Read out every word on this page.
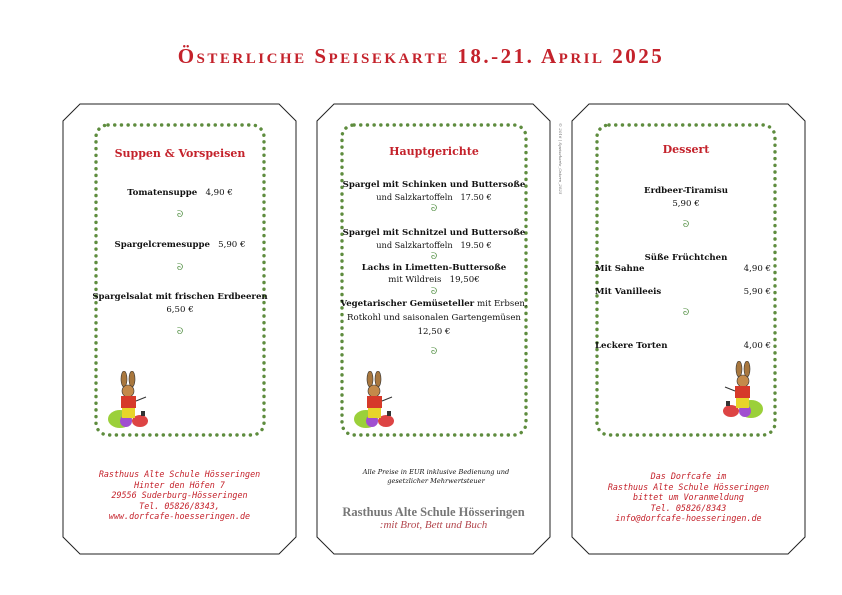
Österliche Speisekarte 18.-21. April 2025
Suppen & Vorspeisen
Tomatensuppe 4,90 €
ᘐ
Spargelcremesuppe 5,90 €
ᘐ
Spargelsalat mit frischen Erdbeeren
6,50 €
ᘐ
Rasthuus Alte Schule Hösseringen
Hinter den Höfen 7
29556 Suderburg-Hösseringen
Tel. 05826/8343,
www.dorfcafe-hoesseringen.de
© 2016 | Speisekarte_Ostern_2025
Hauptgerichte
Spargel mit Schinken und Buttersoße
und Salzkartoffeln 17.50 €
ᘐ
Spargel mit Schnitzel und Buttersoße
und Salzkartoffeln 19.50 €
ᘐ
Lachs in Limetten-Buttersoße
mit Wildreis 19,50€
ᘐ
Vegetarischer Gemüseteller mit Erbsen,
Rotkohl und saisonalen Gartengemüsen
12,50 €
ᘐ
Alle Preise in EUR inklusive Bedienung und
gesetzlicher Mehrwertsteuer
Rasthuus Alte Schule Hösseringen
:mit Brot, Bett und Buch
Dessert
Erdbeer-Tiramisu
5,90 €
ᘐ
Süße Früchtchen
Mit Sahne	4,90 €
Mit Vanilleeis	5,90 €
ᘐ
Leckere Torten	4,00 €
Das Dorfcafe im
Rasthuus Alte Schule Hösseringen
bittet um Voranmeldung
Tel. 05826/8343
info@dorfcafe-hoesseringen.de
